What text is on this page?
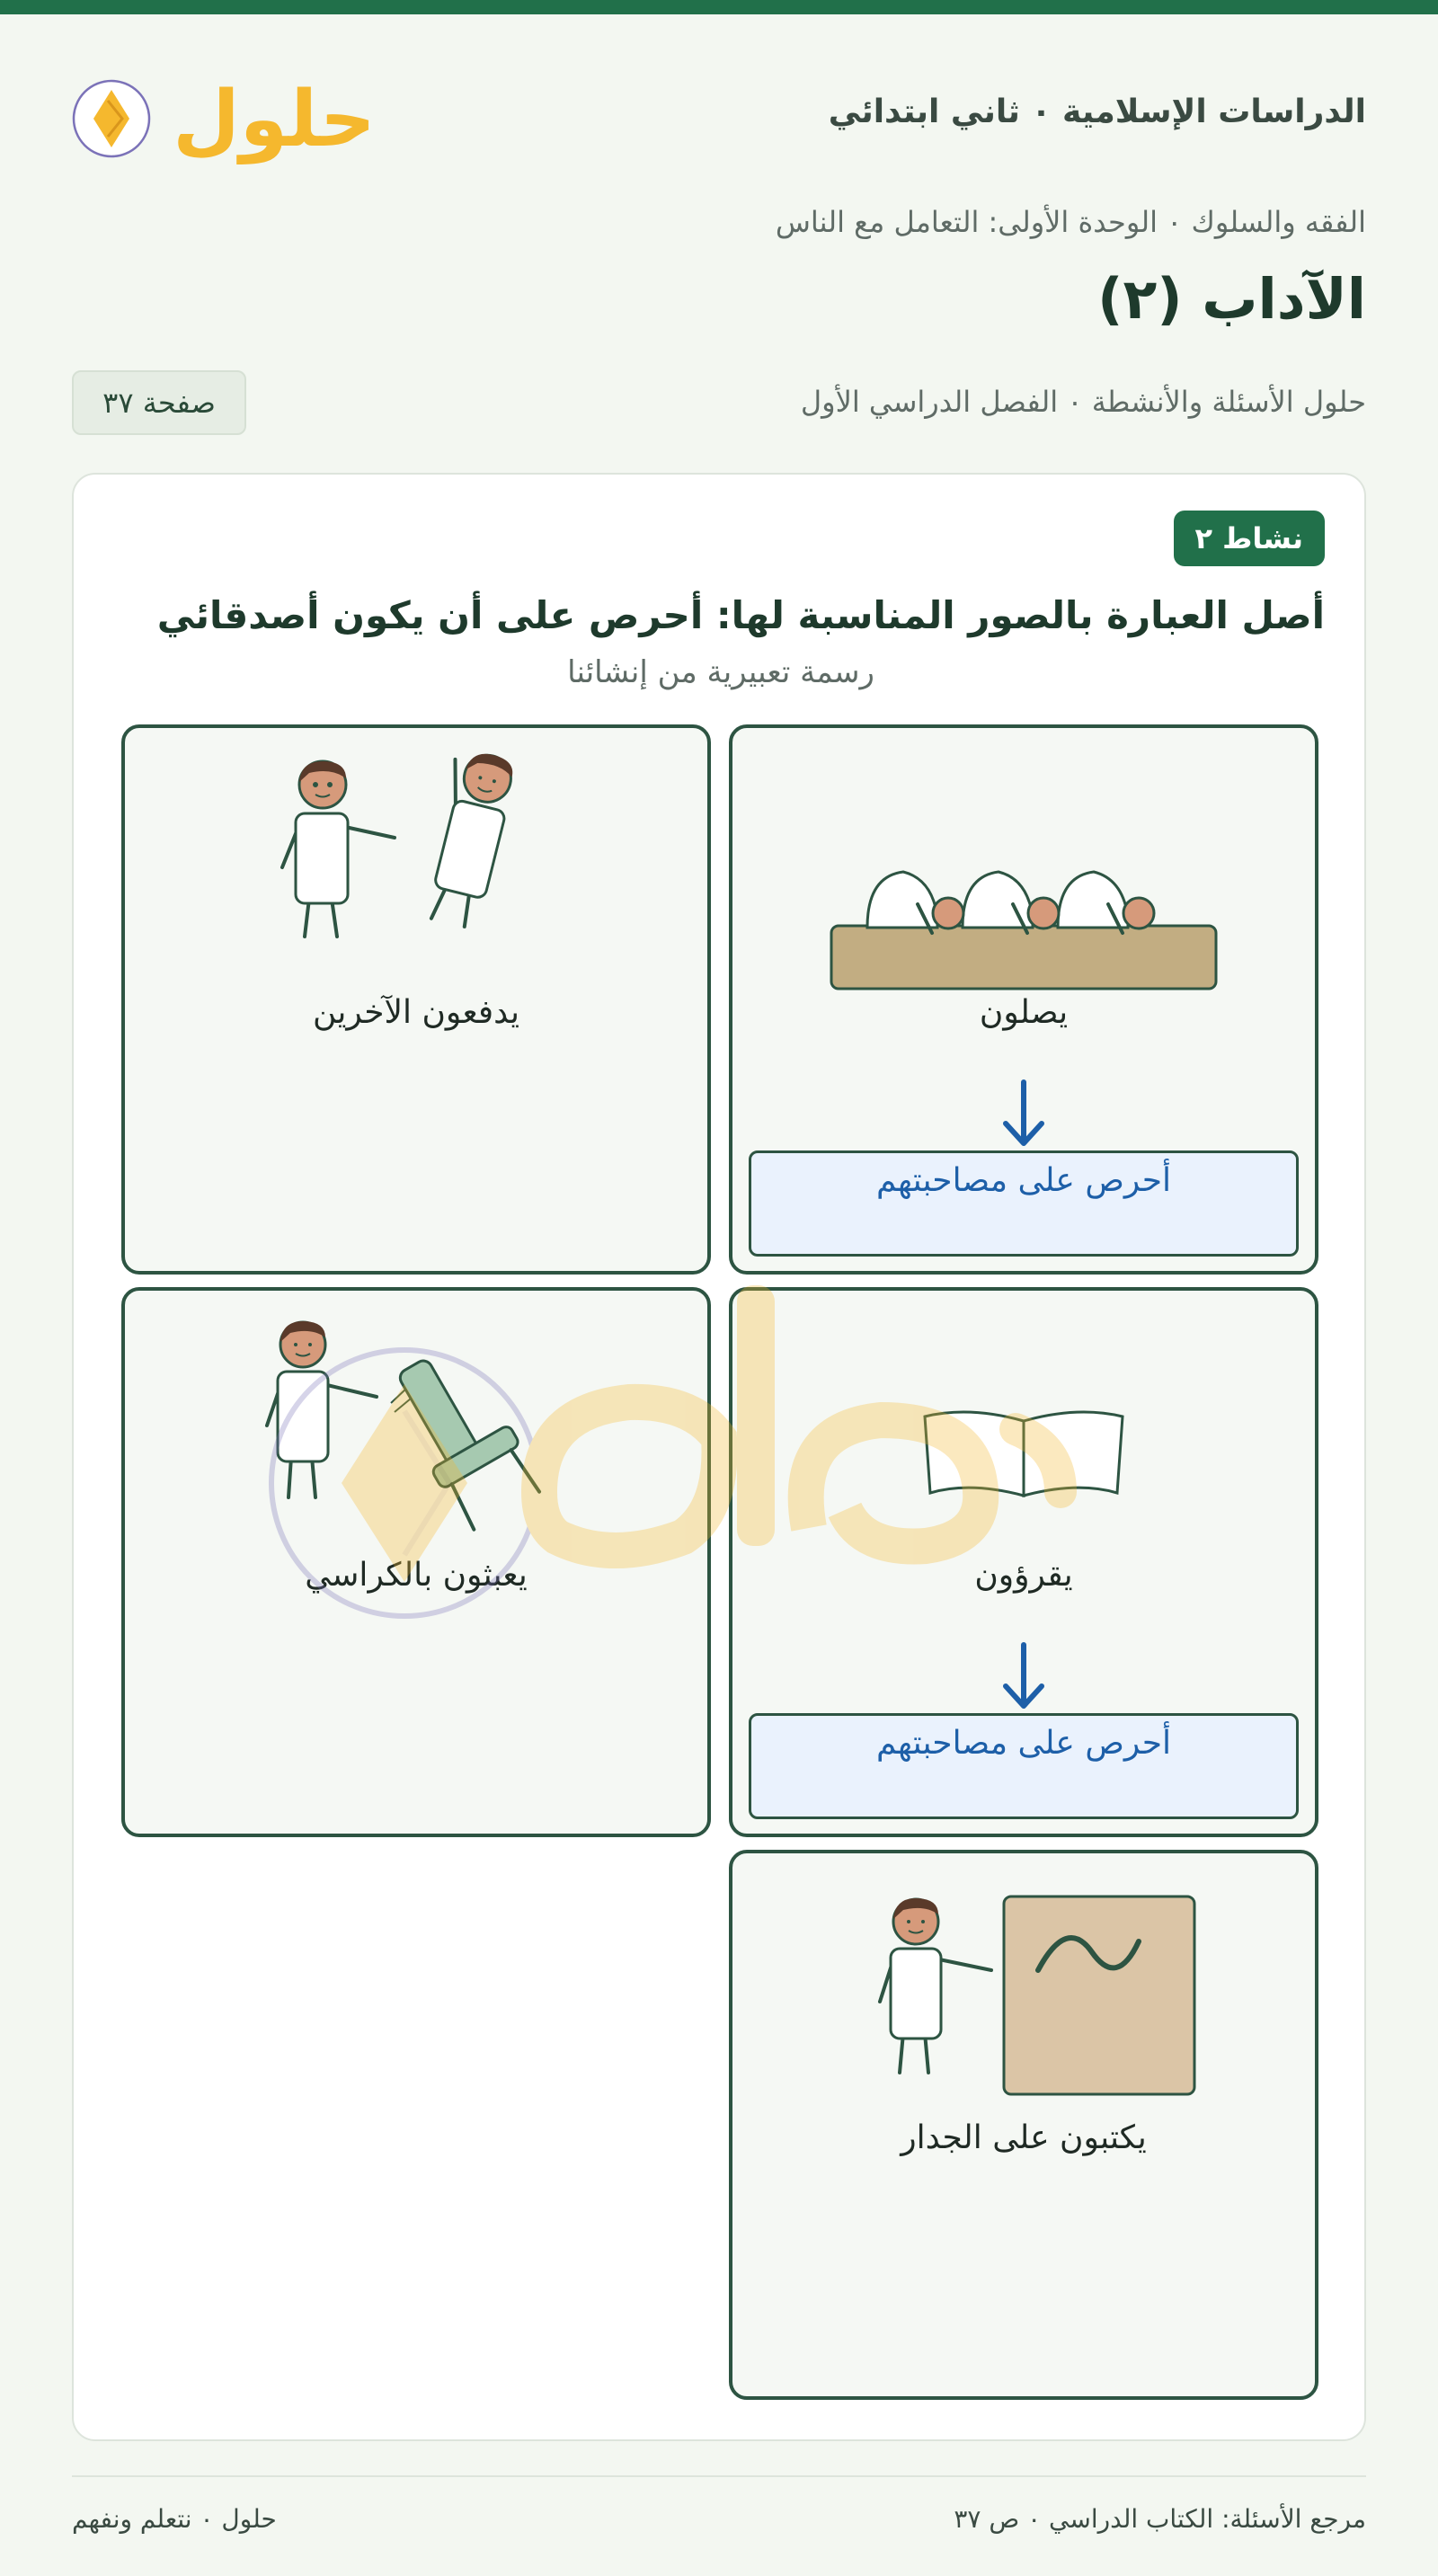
الدراسات الإسلامية ٠ ثاني ابتدائي
حلول
الفقه والسلوك ٠ الوحدة الأولى: التعامل مع الناس
الآداب (٢)
حلول الأسئلة والأنشطة ٠ الفصل الدراسي الأول
صفحة ٣٧
نشاط ٢
أصل العبارة بالصور المناسبة لها: أحرص على أن يكون أصدقائي
رسمة تعبيرية من إنشائنا
يصلون
أحرص على مصاحبتهم
يدفعون الآخرين
يقرؤون
أحرص على مصاحبتهم
يعبثون بالكراسي
يكتبون على الجدار
مرجع الأسئلة: الكتاب الدراسي ٠ ص ٣٧
حلول ٠ نتعلم ونفهم
